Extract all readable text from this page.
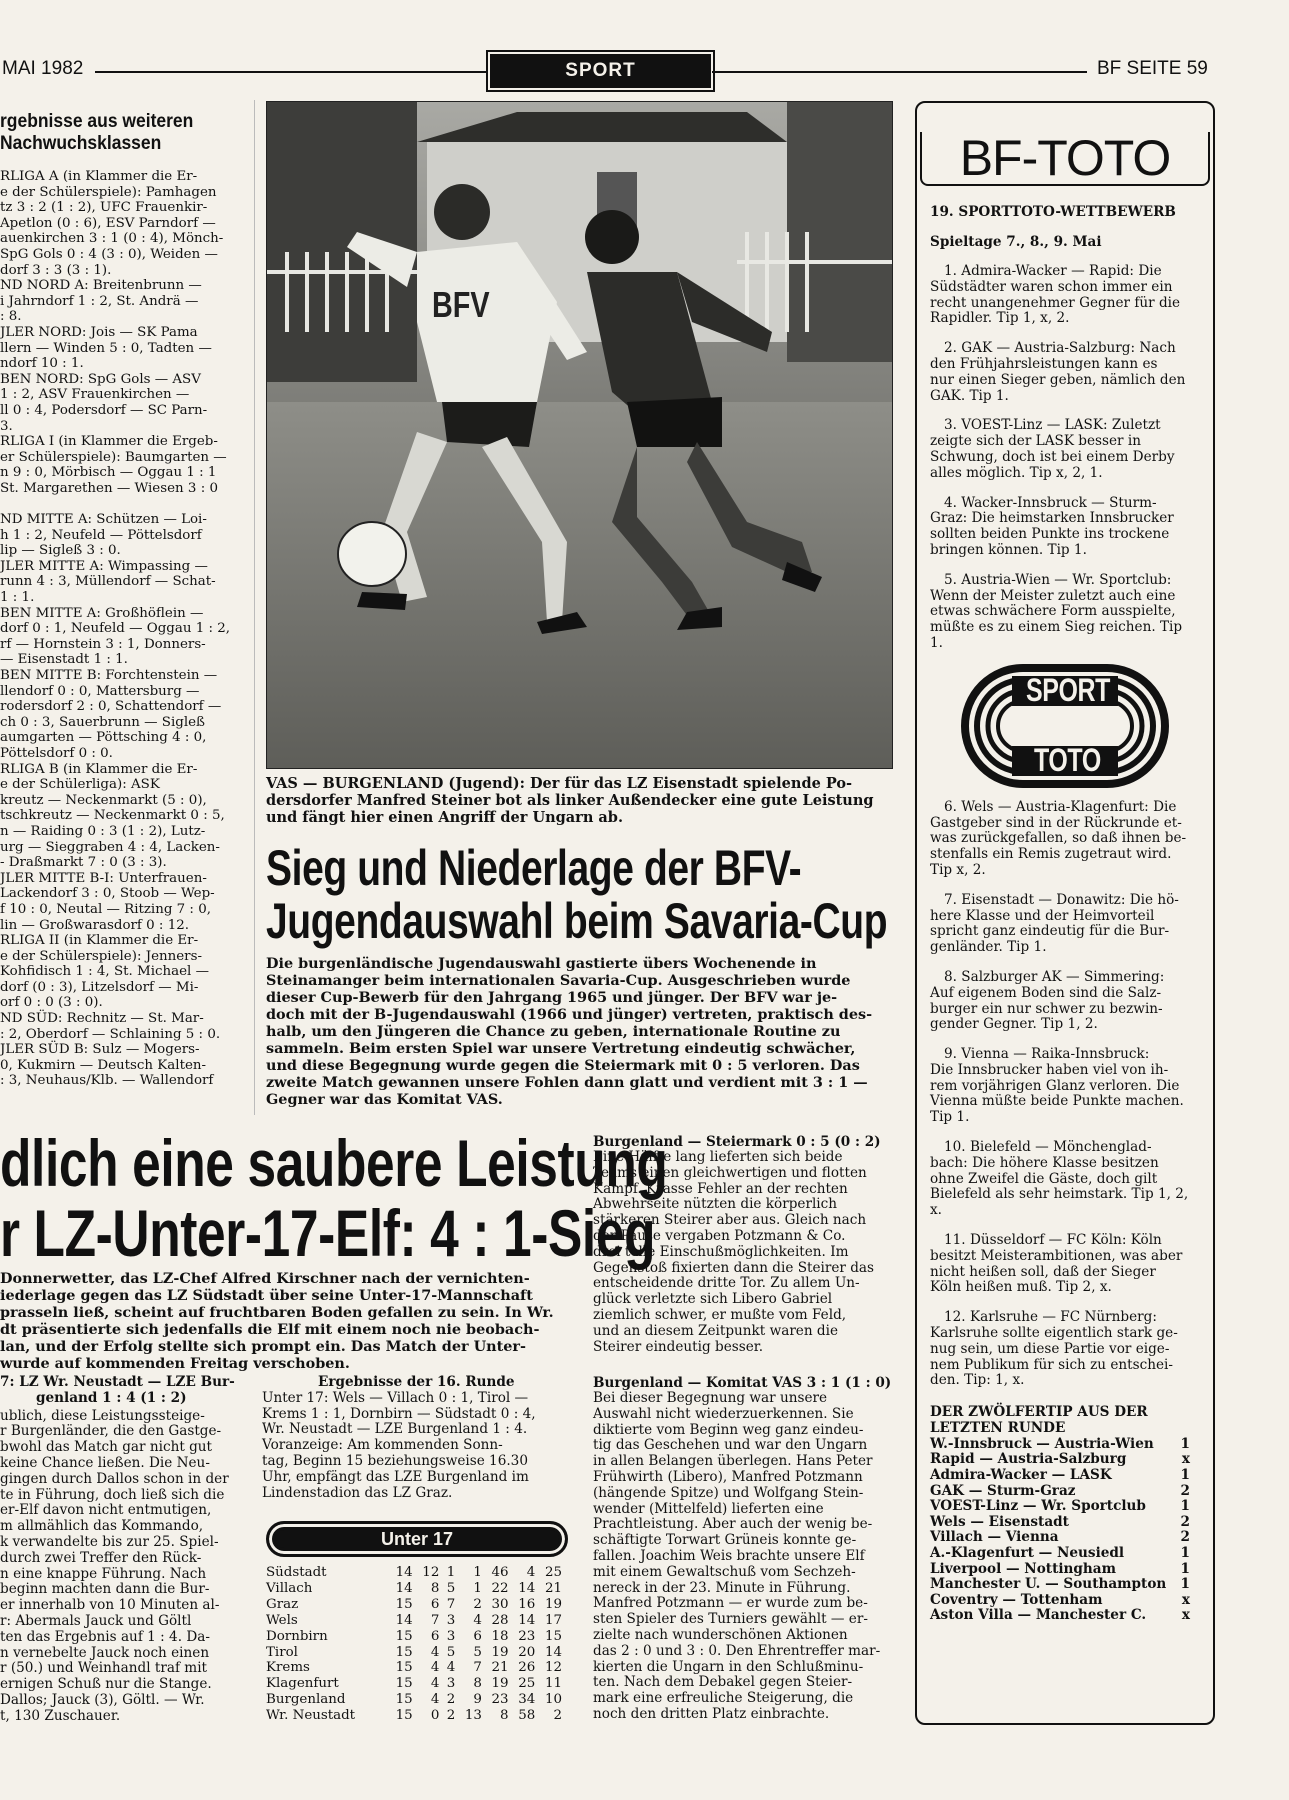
MAI 1982	SPORT	BF SEITE 59
rgebnisse aus weiteren
Nachwuchsklassen
RLIGA A (in Klammer die Er-
e der Schülerspiele): Pamhagen
tz 3 : 2 (1 : 2), UFC Frauenkir-
Apetlon (0 : 6), ESV Parndorf —
auenkirchen 3 : 1 (0 : 4), Mönch-
SpG Gols 0 : 4 (3 : 0), Weiden —
dorf 3 : 3 (3 : 1).
ND NORD A: Breitenbrunn —
i Jahrndorf 1 : 2, St. Andrä —
: 8.
JLER NORD: Jois — SK Pama
llern — Winden 5 : 0, Tadten —
ndorf 10 : 1.
BEN NORD: SpG Gols — ASV
1 : 2, ASV Frauenkirchen —
ll 0 : 4, Podersdorf — SC Parn-
3.
RLIGA I (in Klammer die Ergeb-
er Schülerspiele): Baumgarten —
n 9 : 0, Mörbisch — Oggau 1 : 1
St. Margarethen — Wiesen 3 : 0

ND MITTE A: Schützen — Loi-
h 1 : 2, Neufeld — Pöttelsdorf
lip — Sigleß 3 : 0.
JLER MITTE A: Wimpassing —
runn 4 : 3, Müllendorf — Schat-
1 : 1.
BEN MITTE A: Großhöflein —
dorf 0 : 1, Neufeld — Oggau 1 : 2,
rf — Hornstein 3 : 1, Donners-
— Eisenstadt 1 : 1.
BEN MITTE B: Forchtenstein —
llendorf 0 : 0, Mattersburg —
rodersdorf 2 : 0, Schattendorf —
ch 0 : 3, Sauerbrunn — Sigleß
aumgarten — Pöttsching 4 : 0,
Pöttelsdorf 0 : 0.
RLIGA B (in Klammer die Er-
e der Schülerliga): ASK
kreutz — Neckenmarkt (5 : 0),
tschkreutz — Neckenmarkt 0 : 5,
n — Raiding 0 : 3 (1 : 2), Lutz-
urg — Sieggraben 4 : 4, Lacken-
- Draßmarkt 7 : 0 (3 : 3).
JLER MITTE B-I: Unterfrauen-
Lackendorf 3 : 0, Stoob — Wep-
f 10 : 0, Neutal — Ritzing 7 : 0,
lin — Großwarasdorf 0 : 12.
RLIGA II (in Klammer die Er-
e der Schülerspiele): Jenners-
Kohfidisch 1 : 4, St. Michael —
dorf (0 : 3), Litzelsdorf — Mi-
orf 0 : 0 (3 : 0).
ND SÜD: Rechnitz — St. Mar-
: 2, Oberdorf — Schlaining 5 : 0.
JLER SÜD B: Sulz — Mogers-
0, Kukmirn — Deutsch Kalten-
: 3, Neuhaus/Klb. — Wallendorf
BFV
VAS — BURGENLAND (Jugend): Der für das LZ Eisenstadt spielende Po-
dersdorfer Manfred Steiner bot als linker Außendecker eine gute Leistung
und fängt hier einen Angriff der Ungarn ab.
Sieg und Niederlage der BFV-
Jugendauswahl beim Savaria-Cup
Die burgenländische Jugendauswahl gastierte übers Wochenende in
Steinamanger beim internationalen Savaria-Cup. Ausgeschrieben wurde
dieser Cup-Bewerb für den Jahrgang 1965 und jünger. Der BFV war je-
doch mit der B-Jugendauswahl (1966 und jünger) vertreten, praktisch des-
halb, um den Jüngeren die Chance zu geben, internationale Routine zu
sammeln. Beim ersten Spiel war unsere Vertretung eindeutig schwächer,
und diese Begegnung wurde gegen die Steiermark mit 0 : 5 verloren. Das
zweite Match gewannen unsere Fohlen dann glatt und verdient mit 3 : 1 —
Gegner war das Komitat VAS.
dlich eine saubere Leistung
r LZ-Unter-17-Elf: 4 : 1-Sieg
Donnerwetter, das LZ-Chef Alfred Kirschner nach der vernichten-
iederlage gegen das LZ Südstadt über seine Unter-17-Mannschaft
prasseln ließ, scheint auf fruchtbaren Boden gefallen zu sein. In Wr.
dt präsentierte sich jedenfalls die Elf mit einem noch nie beobach-
lan, und der Erfolg stellte sich prompt ein. Das Match der Unter-
wurde auf kommenden Freitag verschoben.
7: LZ Wr. Neustadt — LZE Bur-
genland 1 : 4 (1 : 2)
ublich, diese Leistungssteige-
r Burgenländer, die den Gastge-
bwohl das Match gar nicht gut
keine Chance ließen. Die Neu-
gingen durch Dallos schon in der
te in Führung, doch ließ sich die
er-Elf davon nicht entmutigen,
m allmählich das Kommando,
k verwandelte bis zur 25. Spiel-
durch zwei Treffer den Rück-
n eine knappe Führung. Nach
beginn machten dann die Bur-
er innerhalb von 10 Minuten al-
r: Abermals Jauck und Göltl
ten das Ergebnis auf 1 : 4. Da-
n vernebelte Jauck noch einen
r (50.) und Weinhandl traf mit
ernigen Schuß nur die Stange.
Dallos; Jauck (3), Göltl. — Wr.
t, 130 Zuschauer.
Ergebnisse der 16. Runde
Unter 17: Wels — Villach 0 : 1, Tirol —
Krems 1 : 1, Dornbirn — Südstadt 0 : 4,
Wr. Neustadt — LZE Burgenland 1 : 4.
Voranzeige: Am kommenden Sonn-
tag, Beginn 15 beziehungsweise 16.30
Uhr, empfängt das LZE Burgenland im
Lindenstadion das LZ Graz.
Unter 17
Südstadt	14	12	1	1	46	4	25
Villach	14	8	5	1	22	14	21
Graz	15	6	7	2	30	16	19
Wels	14	7	3	4	28	14	17
Dornbirn	15	6	3	6	18	23	15
Tirol	15	4	5	5	19	20	14
Krems	15	4	4	7	21	26	12
Klagenfurt	15	4	3	8	19	25	11
Burgenland	15	4	2	9	23	34	10
Wr. Neustadt	15	0	2	13	8	58	2
Burgenland — Steiermark 0 : 5 (0 : 2)
Eine Hälfte lang lieferten sich beide
Teams einen gleichwertigen und flotten
Kampf. Krasse Fehler an der rechten
Abwehrseite nützten die körperlich
stärkeren Steirer aber aus. Gleich nach
der Pause vergaben Potzmann & Co.
drei tolle Einschußmöglichkeiten. Im
Gegenstoß fixierten dann die Steirer das
entscheidende dritte Tor. Zu allem Un-
glück verletzte sich Libero Gabriel
ziemlich schwer, er mußte vom Feld,
und an diesem Zeitpunkt waren die
Steirer eindeutig besser.
Burgenland — Komitat VAS 3 : 1 (1 : 0)
Bei dieser Begegnung war unsere
Auswahl nicht wiederzuerkennen. Sie
diktierte vom Beginn weg ganz eindeu-
tig das Geschehen und war den Ungarn
in allen Belangen überlegen. Hans Peter
Frühwirth (Libero), Manfred Potzmann
(hängende Spitze) und Wolfgang Stein-
wender (Mittelfeld) lieferten eine
Prachtleistung. Aber auch der wenig be-
schäftigte Torwart Grüneis konnte ge-
fallen. Joachim Weis brachte unsere Elf
mit einem Gewaltschuß vom Sechzeh-
nereck in der 23. Minute in Führung.
Manfred Potzmann — er wurde zum be-
sten Spieler des Turniers gewählt — er-
zielte nach wunderschönen Aktionen
das 2 : 0 und 3 : 0. Den Ehrentreffer mar-
kierten die Ungarn in den Schlußminu-
ten. Nach dem Debakel gegen Steier-
mark eine erfreuliche Steigerung, die
noch den dritten Platz einbrachte.
BF-TOTO
19. SPORTTOTO-WETTBEWERB
Spieltage 7., 8., 9. Mai
1. Admira-Wacker — Rapid: Die
Südstädter waren schon immer ein
recht unangenehmer Gegner für die
Rapidler. Tip 1, x, 2.
2. GAK — Austria-Salzburg: Nach
den Frühjahrsleistungen kann es
nur einen Sieger geben, nämlich den
GAK. Tip 1.
3. VOEST-Linz — LASK: Zuletzt
zeigte sich der LASK besser in
Schwung, doch ist bei einem Derby
alles möglich. Tip x, 2, 1.
4. Wacker-Innsbruck — Sturm-
Graz: Die heimstarken Innsbrucker
sollten beiden Punkte ins trockene
bringen können. Tip 1.
5. Austria-Wien — Wr. Sportclub:
Wenn der Meister zuletzt auch eine
etwas schwächere Form ausspielte,
müßte es zu einem Sieg reichen. Tip
1.
SPORT
TOTO
6. Wels — Austria-Klagenfurt: Die
Gastgeber sind in der Rückrunde et-
was zurückgefallen, so daß ihnen be-
stenfalls ein Remis zugetraut wird.
Tip x, 2.
7. Eisenstadt — Donawitz: Die hö-
here Klasse und der Heimvorteil
spricht ganz eindeutig für die Bur-
genländer. Tip 1.
8. Salzburger AK — Simmering:
Auf eigenem Boden sind die Salz-
burger ein nur schwer zu bezwin-
gender Gegner. Tip 1, 2.
9. Vienna — Raika-Innsbruck:
Die Innsbrucker haben viel von ih-
rem vorjährigen Glanz verloren. Die
Vienna müßte beide Punkte machen.
Tip 1.
10. Bielefeld — Mönchenglad-
bach: Die höhere Klasse besitzen
ohne Zweifel die Gäste, doch gilt
Bielefeld als sehr heimstark. Tip 1, 2,
x.
11. Düsseldorf — FC Köln: Köln
besitzt Meisterambitionen, was aber
nicht heißen soll, daß der Sieger
Köln heißen muß. Tip 2, x.
12. Karlsruhe — FC Nürnberg:
Karlsruhe sollte eigentlich stark ge-
nug sein, um diese Partie vor eige-
nem Publikum für sich zu entschei-
den. Tip: 1, x.
DER ZWÖLFERTIP AUS DER
LETZTEN RUNDE
W.-Innsbruck — Austria-Wien 1
Rapid — Austria-Salzburg	x
Admira-Wacker — LASK	1
GAK — Sturm-Graz	2
VOEST-Linz — Wr. Sportclub	1
Wels — Eisenstadt	2
Villach — Vienna	2
A.-Klagenfurt — Neusiedl	1
Liverpool — Nottingham	1
Manchester U. — Southampton 1
Coventry — Tottenham	x
Aston Villa — Manchester C.	x
